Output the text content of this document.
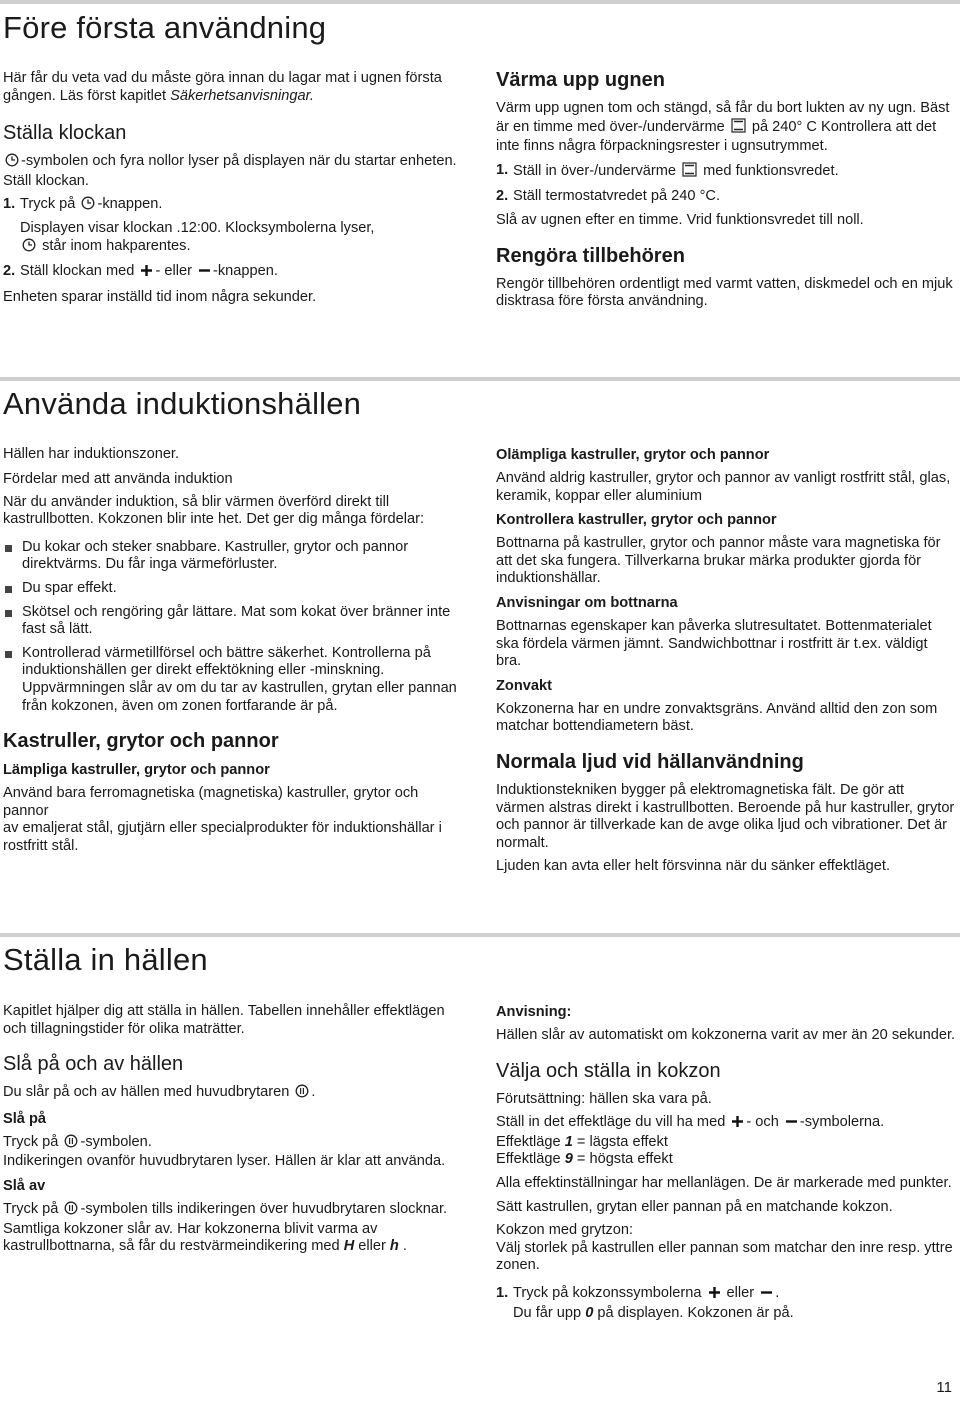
Före första användning

Här får du veta vad du måste göra innan du lagar mat i ugnen första gången. Läs först kapitlet Säkerhetsanvisningar.

Ställa klockan

-symbolen och fyra nollor lyser på displayen när du startar enheten. Ställ klockan.

1. Tryck på -knappen.
Displayen visar klockan .12:00. Klocksymbolerna lyser,
står inom hakparentes.
2. Ställ klockan med - eller -knappen.

Enheten sparar inställd tid inom några sekunder.

Värma upp ugnen

Värm upp ugnen tom och stängd, så får du bort lukten av ny ugn. Bäst är en timme med över-/undervärme  på 240° C Kontrollera att det inte finns några förpackningsrester i ugnsutrymmet.

1. Ställ in över-/undervärme  med funktionsvredet.
2. Ställ termostatvredet på 240 °C.

Slå av ugnen efter en timme. Vrid funktionsvredet till noll.

Rengöra tillbehören

Rengör tillbehören ordentligt med varmt vatten, diskmedel och en mjuk disktrasa före första användning.

Använda induktionshällen

Hällen har induktionszoner.

Fördelar med att använda induktion

När du använder induktion, så blir värmen överförd direkt till kastrullbotten. Kokzonen blir inte het. Det ger dig många fördelar:

Du kokar och steker snabbare. Kastruller, grytor och pannor direktvärms. Du får inga värmeförluster.
Du spar effekt.
Skötsel och rengöring går lättare. Mat som kokat över bränner inte fast så lätt.
Kontrollerad värmetillförsel och bättre säkerhet. Kontrollerna på induktionshällen ger direkt effektökning eller -minskning. Uppvärmningen slår av om du tar av kastrullen, grytan eller pannan från kokzonen, även om zonen fortfarande är på.
Kastruller, grytor och pannor
Lämpliga kastruller, grytor och pannor

Använd bara ferromagnetiska (magnetiska) kastruller, grytor och pannor

av emaljerat stål, gjutjärn eller specialprodukter för induktionshällar i rostfritt stål.

Olämpliga kastruller, grytor och pannor

Använd aldrig kastruller, grytor och pannor av vanligt rostfritt stål, glas, keramik, koppar eller aluminium

Kontrollera kastruller, grytor och pannor

Bottnarna på kastruller, grytor och pannor måste vara magnetiska för att det ska fungera. Tillverkarna brukar märka produkter gjorda för induktionshällar.

Anvisningar om bottnarna

Bottnarnas egenskaper kan påverka slutresultatet. Bottenmaterialet ska fördela värmen jämnt. Sandwichbottnar i rostfritt är t.ex. väldigt bra.

Zonvakt

Kokzonerna har en undre zonvaktsgräns. Använd alltid den zon som matchar bottendiametern bäst.

Normala ljud vid hällanvändning

Induktionstekniken bygger på elektromagnetiska fält. De gör att värmen alstras direkt i kastrullbotten. Beroende på hur kastruller, grytor och pannor är tillverkade kan de avge olika ljud och vibrationer. Det är normalt.

Ljuden kan avta eller helt försvinna när du sänker effektläget.

Ställa in hällen

Kapitlet hjälper dig att ställa in hällen. Tabellen innehåller effektlägen och tillagningstider för olika maträtter.

Slå på och av hällen

Du slår på och av hällen med huvudbrytaren .

Slå på

Tryck på -symbolen.

Indikeringen ovanför huvudbrytaren lyser. Hällen är klar att använda.

Slå av

Tryck på -symbolen tills indikeringen över huvudbrytaren slocknar.

Samtliga kokzoner slår av. Har kokzonerna blivit varma av kastrullbottnarna, så får du restvärmeindikering med H eller h .

Anvisning:

Hällen slår av automatiskt om kokzonerna varit av mer än 20 sekunder.

Välja och ställa in kokzon

Förutsättning: hällen ska vara på.

Ställ in det effektläge du vill ha med - och -symbolerna.
Effektläge 1 = lägsta effekt
Effektläge 9 = högsta effekt

Alla effektinställningar har mellanlägen. De är markerade med punkter.

Sätt kastrullen, grytan eller pannan på en matchande kokzon.

Kokzon med grytzon:
Välj storlek på kastrullen eller pannan som matchar den inre resp. yttre zonen.

1. Tryck på kokzonssymbolerna  eller .
Du får upp 0 på displayen. Kokzonen är på.
11
